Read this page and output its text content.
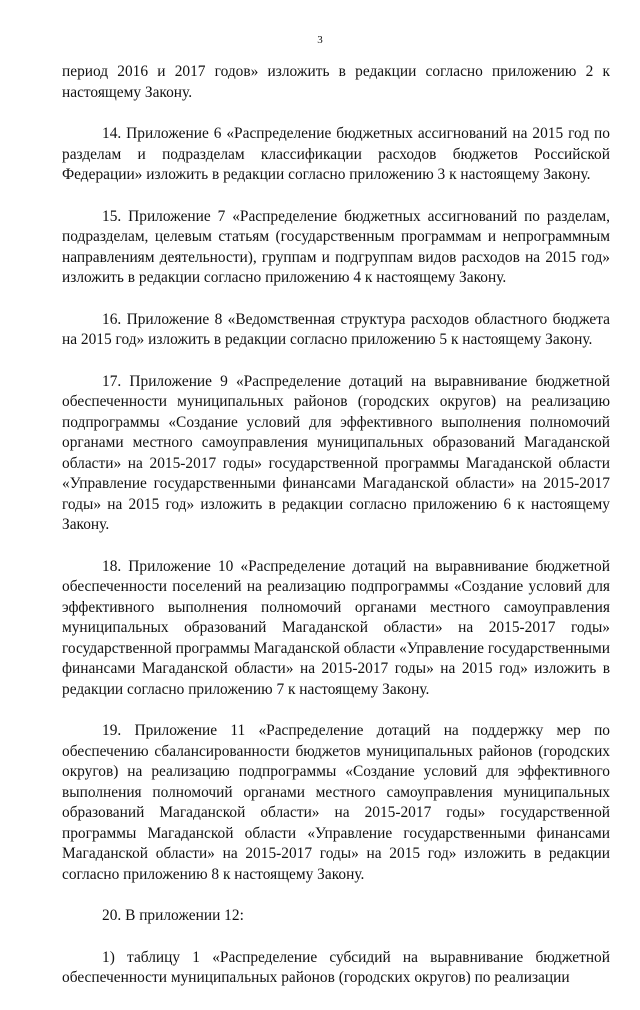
3

период 2016 и 2017 годов» изложить в редакции согласно приложению 2 к настоящему Закону.

14. Приложение 6 «Распределение бюджетных ассигнований на 2015 год по разделам и подразделам классификации расходов бюджетов Российской Федерации» изложить в редакции согласно приложению 3 к настоящему Закону.

15. Приложение 7 «Распределение бюджетных ассигнований по разделам, подразделам, целевым статьям (государственным программам и непрограммным направлениям деятельности), группам и подгруппам видов расходов на 2015 год» изложить в редакции согласно приложению 4 к настоящему Закону.

16. Приложение 8 «Ведомственная структура расходов областного бюджета на 2015 год» изложить в редакции согласно приложению 5 к настоящему Закону.

17. Приложение 9 «Распределение дотаций на выравнивание бюджетной обеспеченности муниципальных районов (городских округов) на реализацию подпрограммы «Создание условий для эффективного выполнения полномочий органами местного самоуправления муниципальных образований Магаданской области» на 2015-2017 годы» государственной программы Магаданской области «Управление государственными финансами Магаданской области» на 2015-2017 годы» на 2015 год» изложить в редакции согласно приложению 6 к настоящему Закону.

18. Приложение 10 «Распределение дотаций на выравнивание бюджетной обеспеченности поселений на реализацию подпрограммы «Создание условий для эффективного выполнения полномочий органами местного самоуправления муниципальных образований Магаданской области» на 2015-2017 годы» государственной программы Магаданской области «Управление государственными финансами Магаданской области» на 2015-2017 годы» на 2015 год» изложить в редакции согласно приложению 7 к настоящему Закону.

19. Приложение 11 «Распределение дотаций на поддержку мер по обеспечению сбалансированности бюджетов муниципальных районов (городских округов) на реализацию подпрограммы «Создание условий для эффективного выполнения полномочий органами местного самоуправления муниципальных образований Магаданской области» на 2015-2017 годы» государственной программы Магаданской области «Управление государственными финансами Магаданской области» на 2015-2017 годы» на 2015 год» изложить в редакции согласно приложению 8 к настоящему Закону.

20. В приложении 12:

1) таблицу 1 «Распределение субсидий на выравнивание бюджетной обеспеченности муниципальных районов (городских округов) по реализации
